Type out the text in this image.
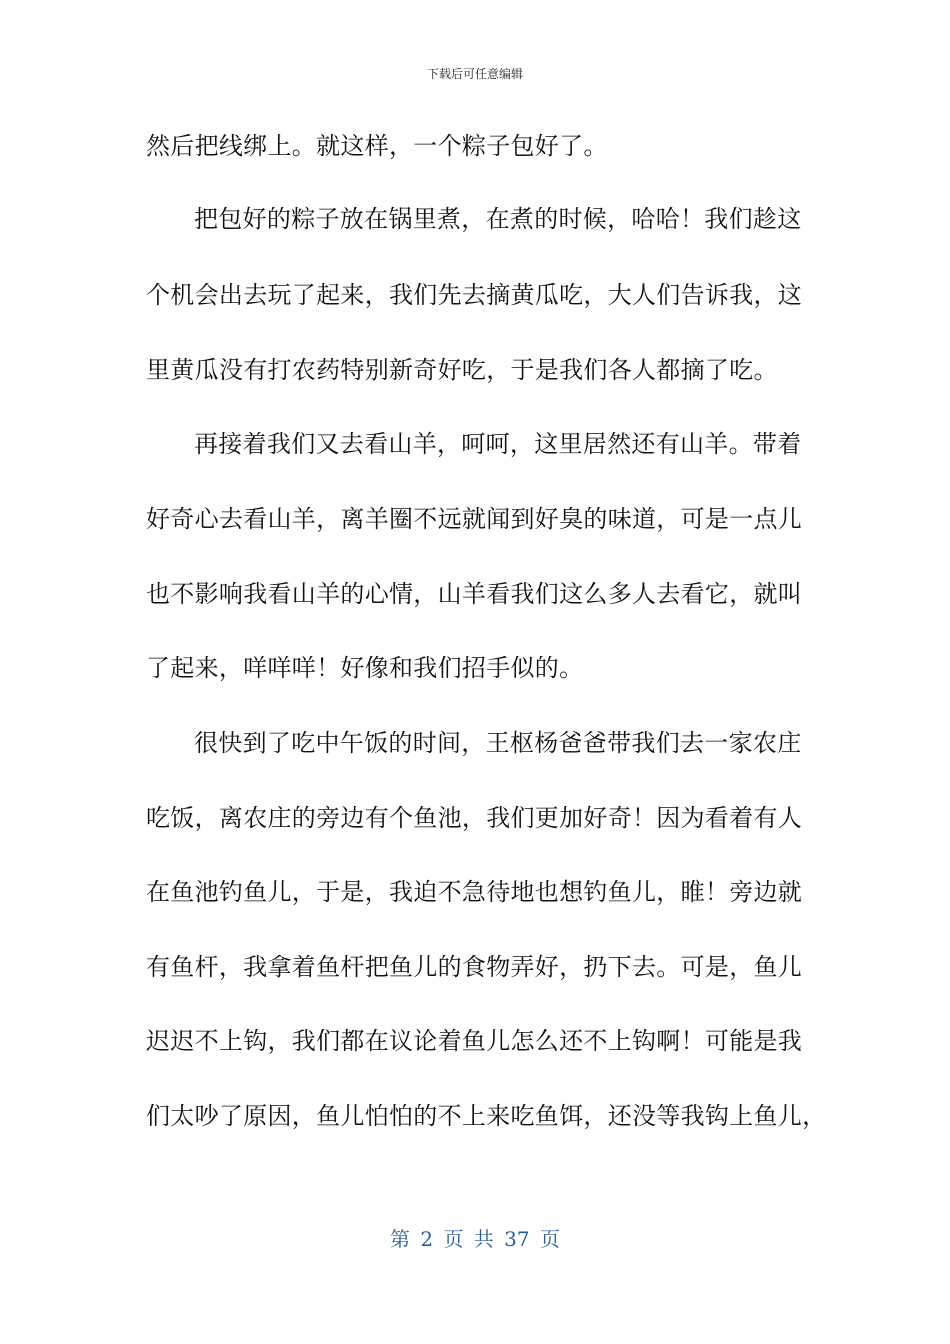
下载后可任意编辑
然后把线绑上。就这样，一个粽子包好了。
把包好的粽子放在锅里煮，在煮的时候，哈哈！我们趁这
个机会出去玩了起来，我们先去摘黄瓜吃，大人们告诉我，这
里黄瓜没有打农药特别新奇好吃，于是我们各人都摘了吃。
再接着我们又去看山羊，呵呵，这里居然还有山羊。带着
好奇心去看山羊，离羊圈不远就闻到好臭的味道，可是一点儿
也不影响我看山羊的心情，山羊看我们这么多人去看它，就叫
了起来，咩咩咩！好像和我们招手似的。
很快到了吃中午饭的时间，王枢杨爸爸带我们去一家农庄
吃饭，离农庄的旁边有个鱼池，我们更加好奇！因为看着有人
在鱼池钓鱼儿，于是，我迫不急待地也想钓鱼儿，睢！旁边就
有鱼杆，我拿着鱼杆把鱼儿的食物弄好，扔下去。可是，鱼儿
迟迟不上钩，我们都在议论着鱼儿怎么还不上钩啊！可能是我
们太吵了原因，鱼儿怕怕的不上来吃鱼饵，还没等我钩上鱼儿，
第 2 页 共 37 页
